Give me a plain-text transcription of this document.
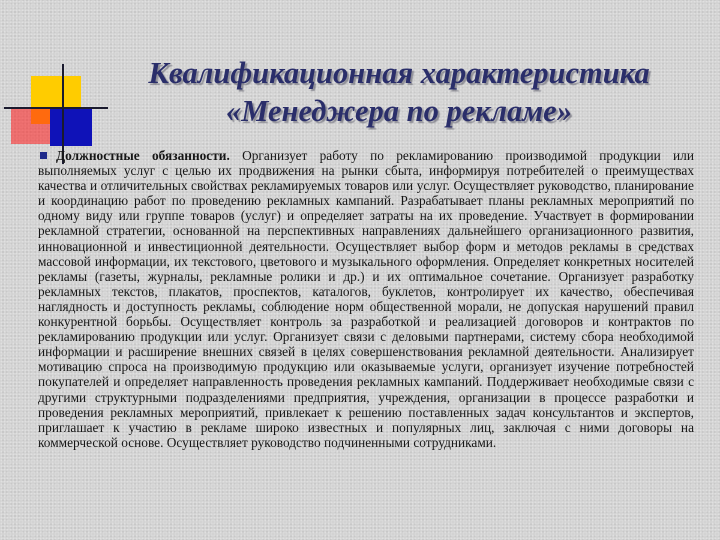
Квалификационная характеристика
«Менеджера по рекламе»

Должностные обязанности. Организует работу по рекламированию производимой продукции или выполняемых услуг с целью их продвижения на рынки сбыта, информируя потребителей о преимуществах качества и отличительных свойствах рекламируемых товаров или услуг. Осуществляет руководство, планирование и координацию работ по проведению рекламных кампаний. Разрабатывает планы рекламных мероприятий по одному виду или группе товаров (услуг) и определяет затраты на их проведение. Участвует в формировании рекламной стратегии, основанной на перспективных направлениях дальнейшего организационного развития, инновационной и инвестиционной деятельности. Осуществляет выбор форм и методов рекламы в средствах массовой информации, их текстового, цветового и музыкального оформления. Определяет конкретных носителей рекламы (газеты, журналы, рекламные ролики и др.) и их оптимальное сочетание. Организует разработку рекламных текстов, плакатов, проспектов, каталогов, буклетов, контролирует их качество, обеспечивая наглядность и доступность рекламы, соблюдение норм общественной морали, не допуская нарушений правил конкурентной борьбы. Осуществляет контроль за разработкой и реализацией договоров и контрактов по рекламированию продукции или услуг. Организует связи с деловыми партнерами, систему сбора необходимой информации и расширение внешних связей в целях совершенствования рекламной деятельности. Анализирует мотивацию спроса на производимую продукцию или оказываемые услуги, организует изучение потребностей покупателей и определяет направленность проведения рекламных кампаний. Поддерживает необходимые связи с другими структурными подразделениями предприятия, учреждения, организации в процессе разработки и проведения рекламных мероприятий, привлекает к решению поставленных задач консультантов и экспертов, приглашает к участию в рекламе широко известных и популярных лиц, заключая с ними договоры на коммерческой основе. Осуществляет руководство подчиненными сотрудниками.
